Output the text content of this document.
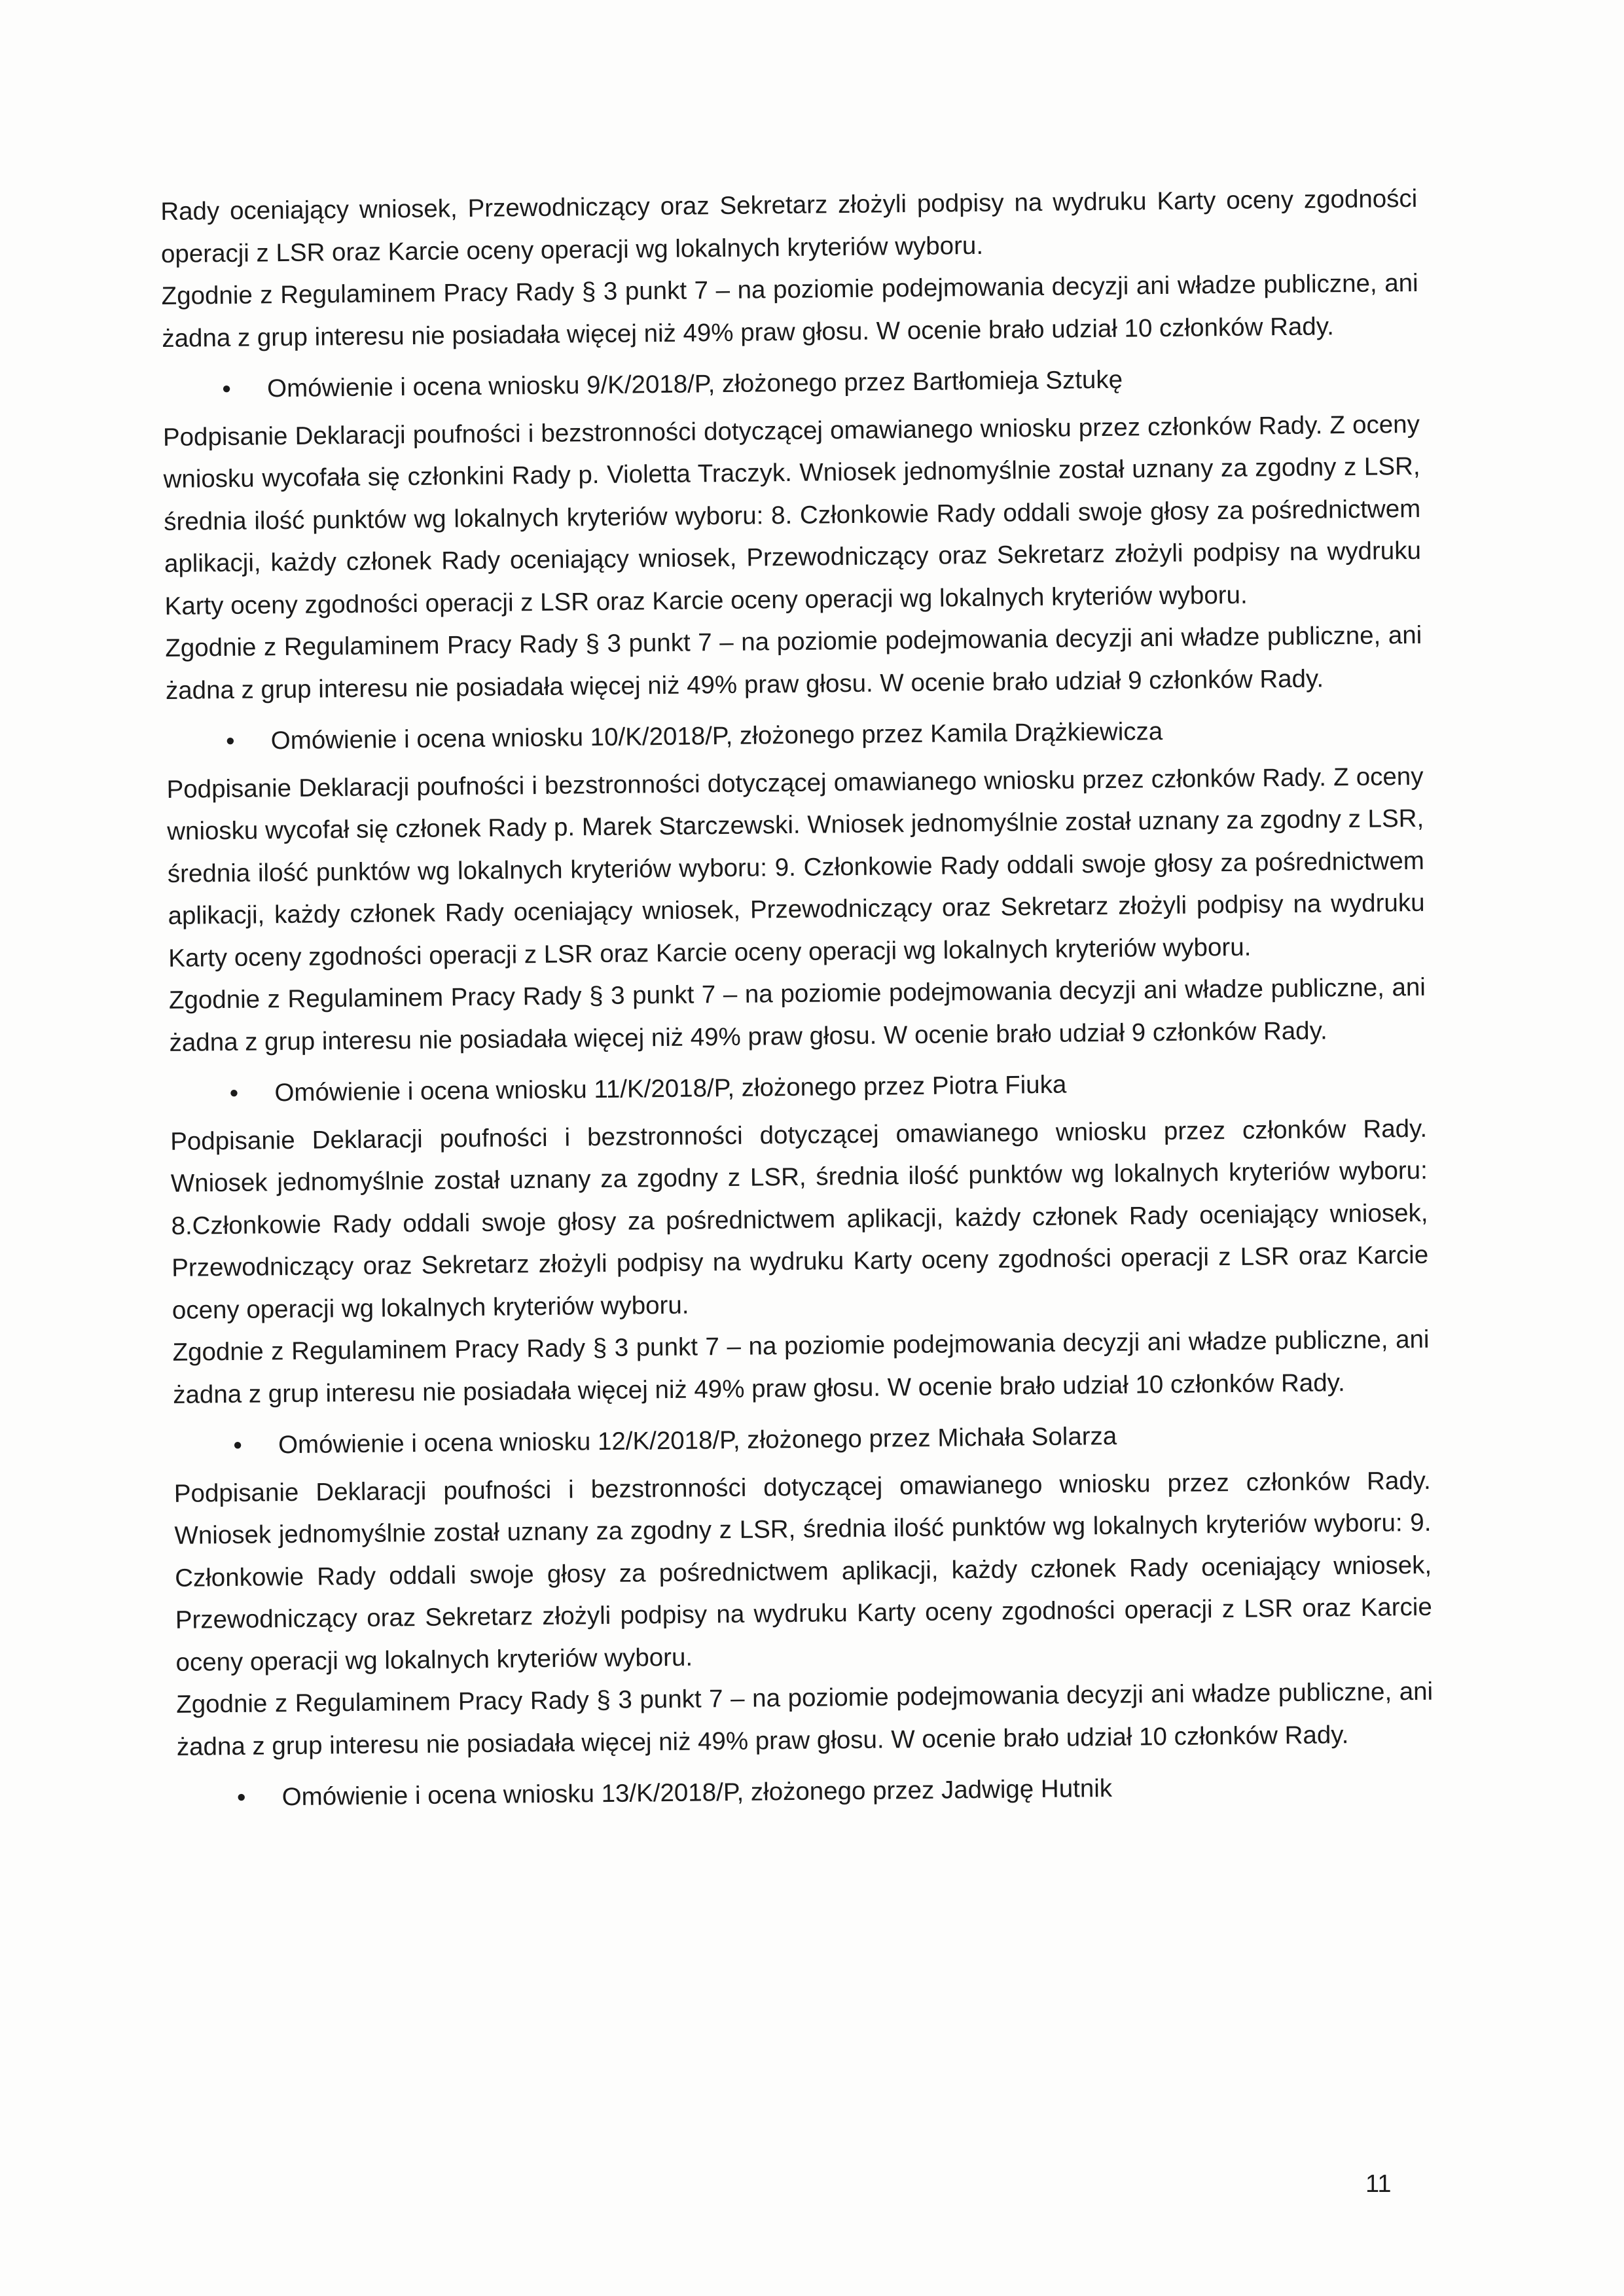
Rady oceniający wniosek, Przewodniczący oraz Sekretarz złożyli podpisy na wydruku Karty oceny zgodności operacji z LSR oraz Karcie oceny operacji wg lokalnych kryteriów wyboru.

Zgodnie z Regulaminem Pracy Rady § 3 punkt 7 – na poziomie podejmowania decyzji ani władze publiczne, ani żadna z grup interesu nie posiadała więcej niż 49% praw głosu. W ocenie brało udział 10 członków Rady.

•	Omówienie i ocena wniosku 9/K/2018/P, złożonego przez Bartłomieja Sztukę

Podpisanie Deklaracji poufności i bezstronności dotyczącej omawianego wniosku przez członków Rady. Z oceny wniosku wycofała się członkini Rady p. Violetta Traczyk. Wniosek jednomyślnie został uznany za zgodny z LSR, średnia ilość punktów wg lokalnych kryteriów wyboru: 8. Członkowie Rady oddali swoje głosy za pośrednictwem aplikacji, każdy członek Rady oceniający wniosek, Przewodniczący oraz Sekretarz złożyli podpisy na wydruku Karty oceny zgodności operacji z LSR oraz Karcie oceny operacji wg lokalnych kryteriów wyboru.

Zgodnie z Regulaminem Pracy Rady § 3 punkt 7 – na poziomie podejmowania decyzji ani władze publiczne, ani żadna z grup interesu nie posiadała więcej niż 49% praw głosu. W ocenie brało udział 9 członków Rady.

•	Omówienie i ocena wniosku 10/K/2018/P, złożonego przez Kamila Drążkiewicza

Podpisanie Deklaracji poufności i bezstronności dotyczącej omawianego wniosku przez członków Rady. Z oceny wniosku wycofał się członek Rady p. Marek Starczewski. Wniosek jednomyślnie został uznany za zgodny z LSR, średnia ilość punktów wg lokalnych kryteriów wyboru: 9. Członkowie Rady oddali swoje głosy za pośrednictwem aplikacji, każdy członek Rady oceniający wniosek, Przewodniczący oraz Sekretarz złożyli podpisy na wydruku Karty oceny zgodności operacji z LSR oraz Karcie oceny operacji wg lokalnych kryteriów wyboru.

Zgodnie z Regulaminem Pracy Rady § 3 punkt 7 – na poziomie podejmowania decyzji ani władze publiczne, ani żadna z grup interesu nie posiadała więcej niż 49% praw głosu. W ocenie brało udział 9 członków Rady.

•	Omówienie i ocena wniosku 11/K/2018/P, złożonego przez Piotra Fiuka

Podpisanie Deklaracji poufności i bezstronności dotyczącej omawianego wniosku przez członków Rady. Wniosek jednomyślnie został uznany za zgodny z LSR, średnia ilość punktów wg lokalnych kryteriów wyboru: 8.Członkowie Rady oddali swoje głosy za pośrednictwem aplikacji, każdy członek Rady oceniający wniosek, Przewodniczący oraz Sekretarz złożyli podpisy na wydruku Karty oceny zgodności operacji z LSR oraz Karcie oceny operacji wg lokalnych kryteriów wyboru.

Zgodnie z Regulaminem Pracy Rady § 3 punkt 7 – na poziomie podejmowania decyzji ani władze publiczne, ani żadna z grup interesu nie posiadała więcej niż 49% praw głosu. W ocenie brało udział 10 członków Rady.

•	Omówienie i ocena wniosku 12/K/2018/P, złożonego przez Michała Solarza

Podpisanie Deklaracji poufności i bezstronności dotyczącej omawianego wniosku przez członków Rady. Wniosek jednomyślnie został uznany za zgodny z LSR, średnia ilość punktów wg lokalnych kryteriów wyboru: 9. Członkowie Rady oddali swoje głosy za pośrednictwem aplikacji, każdy członek Rady oceniający wniosek, Przewodniczący oraz Sekretarz złożyli podpisy na wydruku Karty oceny zgodności operacji z LSR oraz Karcie oceny operacji wg lokalnych kryteriów wyboru.

Zgodnie z Regulaminem Pracy Rady § 3 punkt 7 – na poziomie podejmowania decyzji ani władze publiczne, ani żadna z grup interesu nie posiadała więcej niż 49% praw głosu. W ocenie brało udział 10 członków Rady.

•	Omówienie i ocena wniosku 13/K/2018/P, złożonego przez Jadwigę Hutnik
11
